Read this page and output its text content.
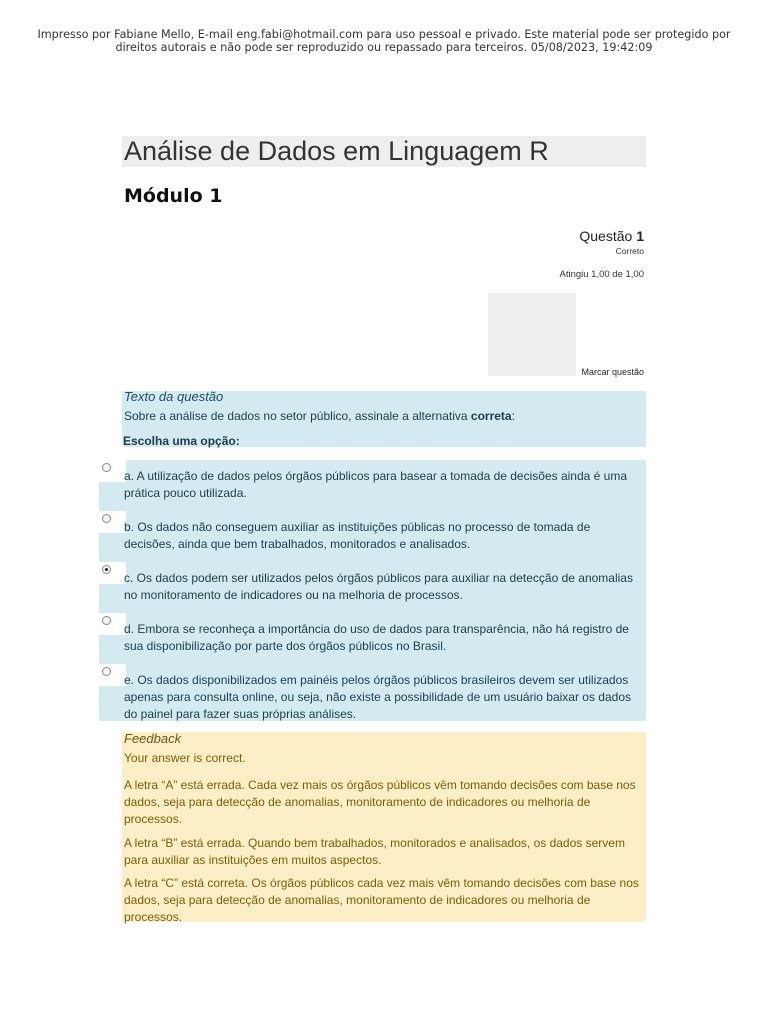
Impresso por Fabiane Mello, E-mail eng.fabi@hotmail.com para uso pessoal e privado. Este material pode ser protegido por direitos autorais e não pode ser reproduzido ou repassado para terceiros. 05/08/2023, 19:42:09
Análise de Dados em Linguagem R
Módulo 1
Questão 1
Correto
Atingiu 1,00 de 1,00
Marcar questão
Texto da questão
Sobre a análise de dados no setor público, assinale a alternativa correta:
Escolha uma opção:
a. A utilização de dados pelos órgãos públicos para basear a tomada de decisões ainda é uma prática pouco utilizada.
b. Os dados não conseguem auxiliar as instituições públicas no processo de tomada de decisões, ainda que bem trabalhados, monitorados e analisados.
c. Os dados podem ser utilizados pelos órgãos públicos para auxiliar na detecção de anomalias no monitoramento de indicadores ou na melhoria de processos.
d. Embora se reconheça a importância do uso de dados para transparência, não há registro de sua disponibilização por parte dos órgãos públicos no Brasil.
e. Os dados disponibilizados em painéis pelos órgãos públicos brasileiros devem ser utilizados apenas para consulta online, ou seja, não existe a possibilidade de um usuário baixar os dados do painel para fazer suas próprias análises.
Feedback
Your answer is correct.
A letra “A” está errada. Cada vez mais os órgãos públicos vêm tomando decisões com base nos dados, seja para detecção de anomalias, monitoramento de indicadores ou melhoria de processos.
A letra “B” está errada. Quando bem trabalhados, monitorados e analisados, os dados servem para auxiliar as instituições em muitos aspectos.
A letra “C” está correta. Os órgãos públicos cada vez mais vêm tomando decisões com base nos dados, seja para detecção de anomalias, monitoramento de indicadores ou melhoria de processos.
